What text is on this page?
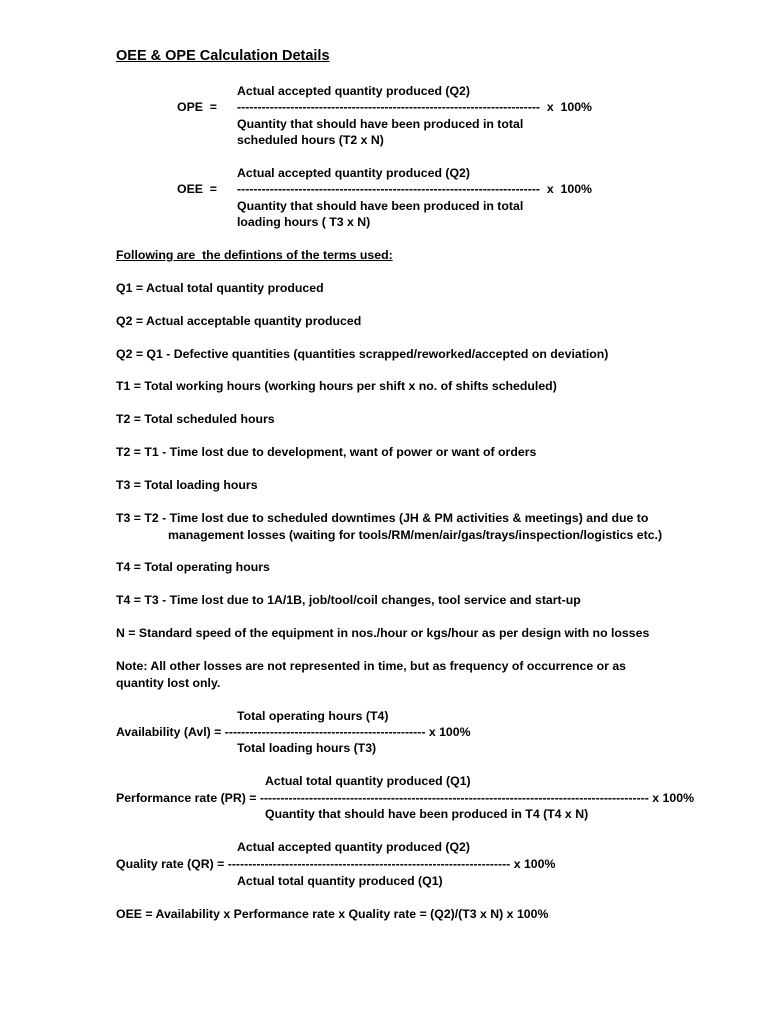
OEE & OPE Calculation Details
Actual accepted quantity produced (Q2)
OPE  = --------------------------------------------------------------------------  x  100%
Quantity that should have been produced in total
scheduled hours (T2 x N)
Actual accepted quantity produced (Q2)
OEE  = --------------------------------------------------------------------------  x  100%
Quantity that should have been produced in total
loading hours ( T3 x N)
Following are  the defintions of the terms used:
Q1 = Actual total quantity produced
Q2 = Actual acceptable quantity produced
Q2 = Q1 - Defective quantities (quantities scrapped/reworked/accepted on deviation)
T1 = Total working hours (working hours per shift x no. of shifts scheduled)
T2 = Total scheduled hours
T2 = T1 - Time lost due to development, want of power or want of orders
T3 = Total loading hours
T3 = T2 - Time lost due to scheduled downtimes (JH & PM activities & meetings) and due to
management losses (waiting for tools/RM/men/air/gas/trays/inspection/logistics etc.)
T4 = Total operating hours
T4 = T3 - Time lost due to 1A/1B, job/tool/coil changes, tool service and start-up
N = Standard speed of the equipment in nos./hour or kgs/hour as per design with no losses
Note: All other losses are not represented in time, but as frequency of occurrence or as
quantity lost only.
Total operating hours (T4)
Availability (Avl) = ------------------------------------------------- x 100%
Total loading hours (T3)
Actual total quantity produced (Q1)
Performance rate (PR) = ----------------------------------------------------------------------------------------------- x 100%
Quantity that should have been produced in T4 (T4 x N)
Actual accepted quantity produced (Q2)
Quality rate (QR) = --------------------------------------------------------------------- x 100%
Actual total quantity produced (Q1)
OEE = Availability x Performance rate x Quality rate = (Q2)/(T3 x N) x 100%
